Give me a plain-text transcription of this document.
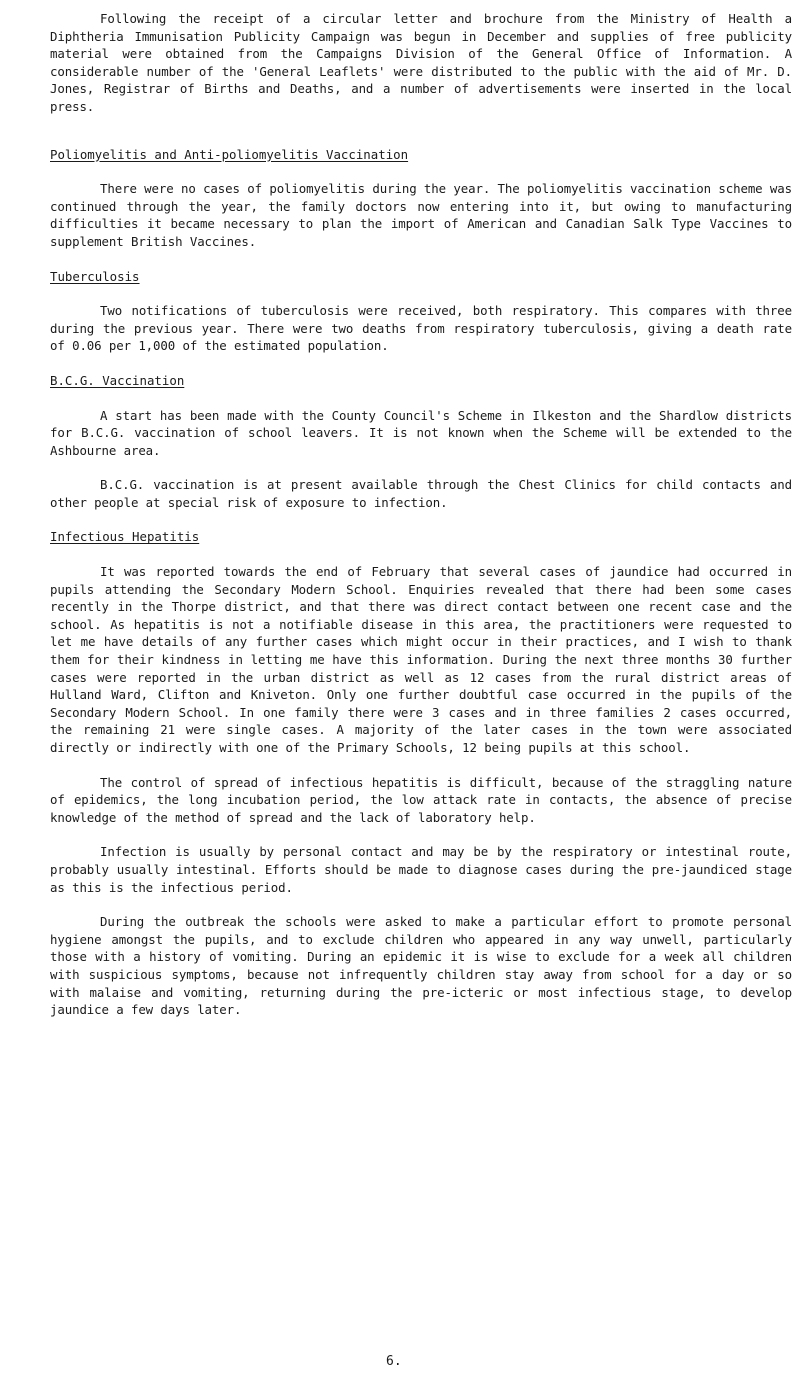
Following the receipt of a circular letter and brochure from the Ministry of Health a Diphtheria Immunisation Publicity Campaign was begun in December and supplies of free publicity material were obtained from the Campaigns Division of the General Office of Information. A considerable number of the 'General Leaflets' were distributed to the public with the aid of Mr. D. Jones, Registrar of Births and Deaths, and a number of advertisements were inserted in the local press.

Poliomyelitis and Anti-poliomyelitis Vaccination

There were no cases of poliomyelitis during the year. The poliomyelitis vaccination scheme was continued through the year, the family doctors now entering into it, but owing to manufacturing difficulties it became necessary to plan the import of American and Canadian Salk Type Vaccines to supplement British Vaccines.

Tuberculosis

Two notifications of tuberculosis were received, both respiratory. This compares with three during the previous year. There were two deaths from respiratory tuberculosis, giving a death rate of 0.06 per 1,000 of the estimated population.

B.C.G. Vaccination

A start has been made with the County Council's Scheme in Ilkeston and the Shardlow districts for B.C.G. vaccination of school leavers. It is not known when the Scheme will be extended to the Ashbourne area.

B.C.G. vaccination is at present available through the Chest Clinics for child contacts and other people at special risk of exposure to infection.

Infectious Hepatitis

It was reported towards the end of February that several cases of jaundice had occurred in pupils attending the Secondary Modern School. Enquiries revealed that there had been some cases recently in the Thorpe district, and that there was direct contact between one recent case and the school. As hepatitis is not a notifiable disease in this area, the practitioners were requested to let me have details of any further cases which might occur in their practices, and I wish to thank them for their kindness in letting me have this information. During the next three months 30 further cases were reported in the urban district as well as 12 cases from the rural district areas of Hulland Ward, Clifton and Kniveton. Only one further doubtful case occurred in the pupils of the Secondary Modern School. In one family there were 3 cases and in three families 2 cases occurred, the remaining 21 were single cases. A majority of the later cases in the town were associated directly or indirectly with one of the Primary Schools, 12 being pupils at this school.

The control of spread of infectious hepatitis is difficult, because of the straggling nature of epidemics, the long incubation period, the low attack rate in contacts, the absence of precise knowledge of the method of spread and the lack of laboratory help.

Infection is usually by personal contact and may be by the respiratory or intestinal route, probably usually intestinal. Efforts should be made to diagnose cases during the pre-jaundiced stage as this is the infectious period.

During the outbreak the schools were asked to make a particular effort to promote personal hygiene amongst the pupils, and to exclude children who appeared in any way unwell, particularly those with a history of vomiting. During an epidemic it is wise to exclude for a week all children with suspicious symptoms, because not infrequently children stay away from school for a day or so with malaise and vomiting, returning during the pre-icteric or most infectious stage, to develop jaundice a few days later.

6.
